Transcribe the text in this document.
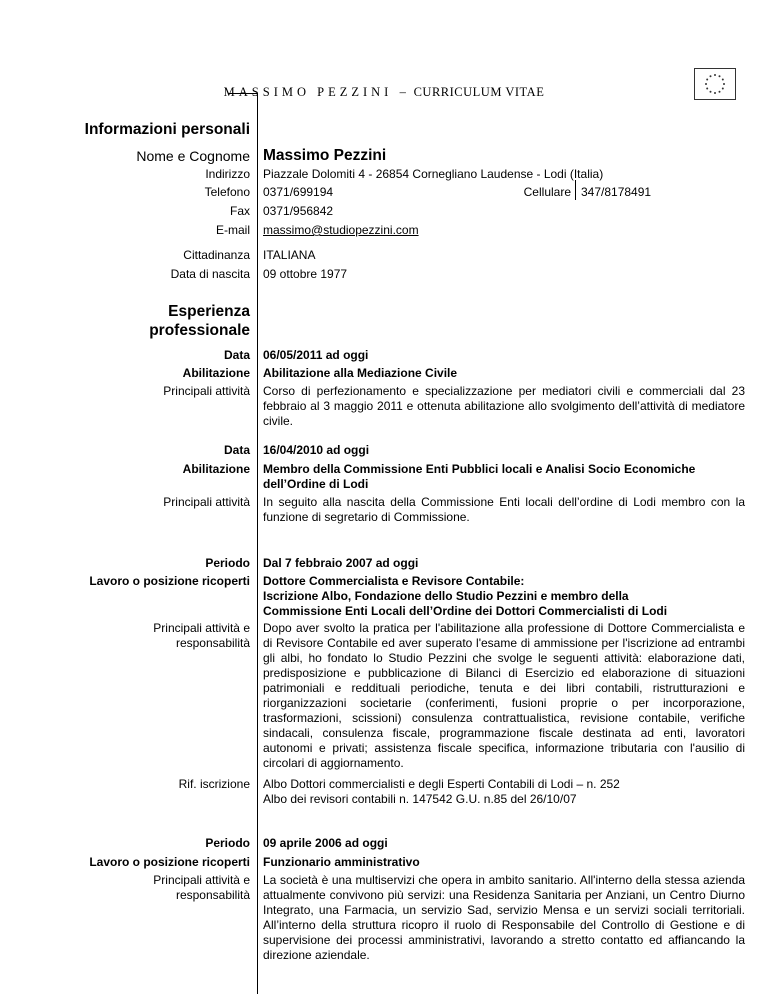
MASSIMO PEZZINI – CURRICULUM VITAE
Informazioni personali
Nome e Cognome Massimo Pezzini
Indirizzo Piazzale Dolomiti 4 - 26854 Cornegliano Laudense - Lodi (Italia)
Telefono 0371/699194	Cellulare 347/8178491
Fax 0371/956842
E-mail massimo@studiopezzini.com
Cittadinanza ITALIANA
Data di nascita 09 ottobre 1977
Esperienza
professionale
Data 06/05/2011 ad oggi
Abilitazione Abilitazione alla Mediazione Civile
Principali attività Corso di perfezionamento e specializzazione per mediatori civili e commerciali dal 23 febbraio al 3 maggio 2011 e ottenuta abilitazione allo svolgimento dell’attività di mediatore civile.
Data 16/04/2010 ad oggi
Abilitazione Membro della Commissione Enti Pubblici locali e Analisi Socio Economiche dell’Ordine di Lodi
Principali attività In seguito alla nascita della Commissione Enti locali dell’ordine di Lodi membro con la funzione di segretario di Commissione.
Periodo Dal 7 febbraio 2007 ad oggi
Lavoro o posizione ricoperti Dottore Commercialista e Revisore Contabile:
Iscrizione Albo, Fondazione dello Studio Pezzini e membro della
Commissione Enti Locali dell’Ordine dei Dottori Commercialisti di Lodi
Principali attività e
responsabilità
Dopo aver svolto la pratica per l'abilitazione alla professione di Dottore Commercialista e di Revisore Contabile ed aver superato l'esame di ammissione per l'iscrizione ad entrambi gli albi, ho fondato lo Studio Pezzini che svolge le seguenti attività: elaborazione dati, predisposizione e pubblicazione di Bilanci di Esercizio ed elaborazione di situazioni patrimoniali e reddituali periodiche, tenuta e dei libri contabili, ristrutturazioni e riorganizzazioni societarie (conferimenti, fusioni proprie o per incorporazione, trasformazioni, scissioni) consulenza contrattualistica, revisione contabile, verifiche sindacali, consulenza fiscale, programmazione fiscale destinata ad enti, lavoratori autonomi e privati; assistenza fiscale specifica, informazione tributaria con l'ausilio di circolari di aggiornamento.
Rif. iscrizione Albo Dottori commercialisti e degli Esperti Contabili di Lodi – n. 252
Albo dei revisori contabili n. 147542 G.U. n.85 del 26/10/07
Periodo 09 aprile 2006 ad oggi
Lavoro o posizione ricoperti Funzionario amministrativo
Principali attività e
responsabilità
La società è una multiservizi che opera in ambito sanitario. All'interno della stessa azienda attualmente convivono più servizi: una Residenza Sanitaria per Anziani, un Centro Diurno Integrato, una Farmacia, un servizio Sad, servizio Mensa e un servizi sociali territoriali. All’interno della struttura ricopro il ruolo di Responsabile del Controllo di Gestione e di supervisione dei processi amministrativi, lavorando a stretto contatto ed affiancando la direzione aziendale.
